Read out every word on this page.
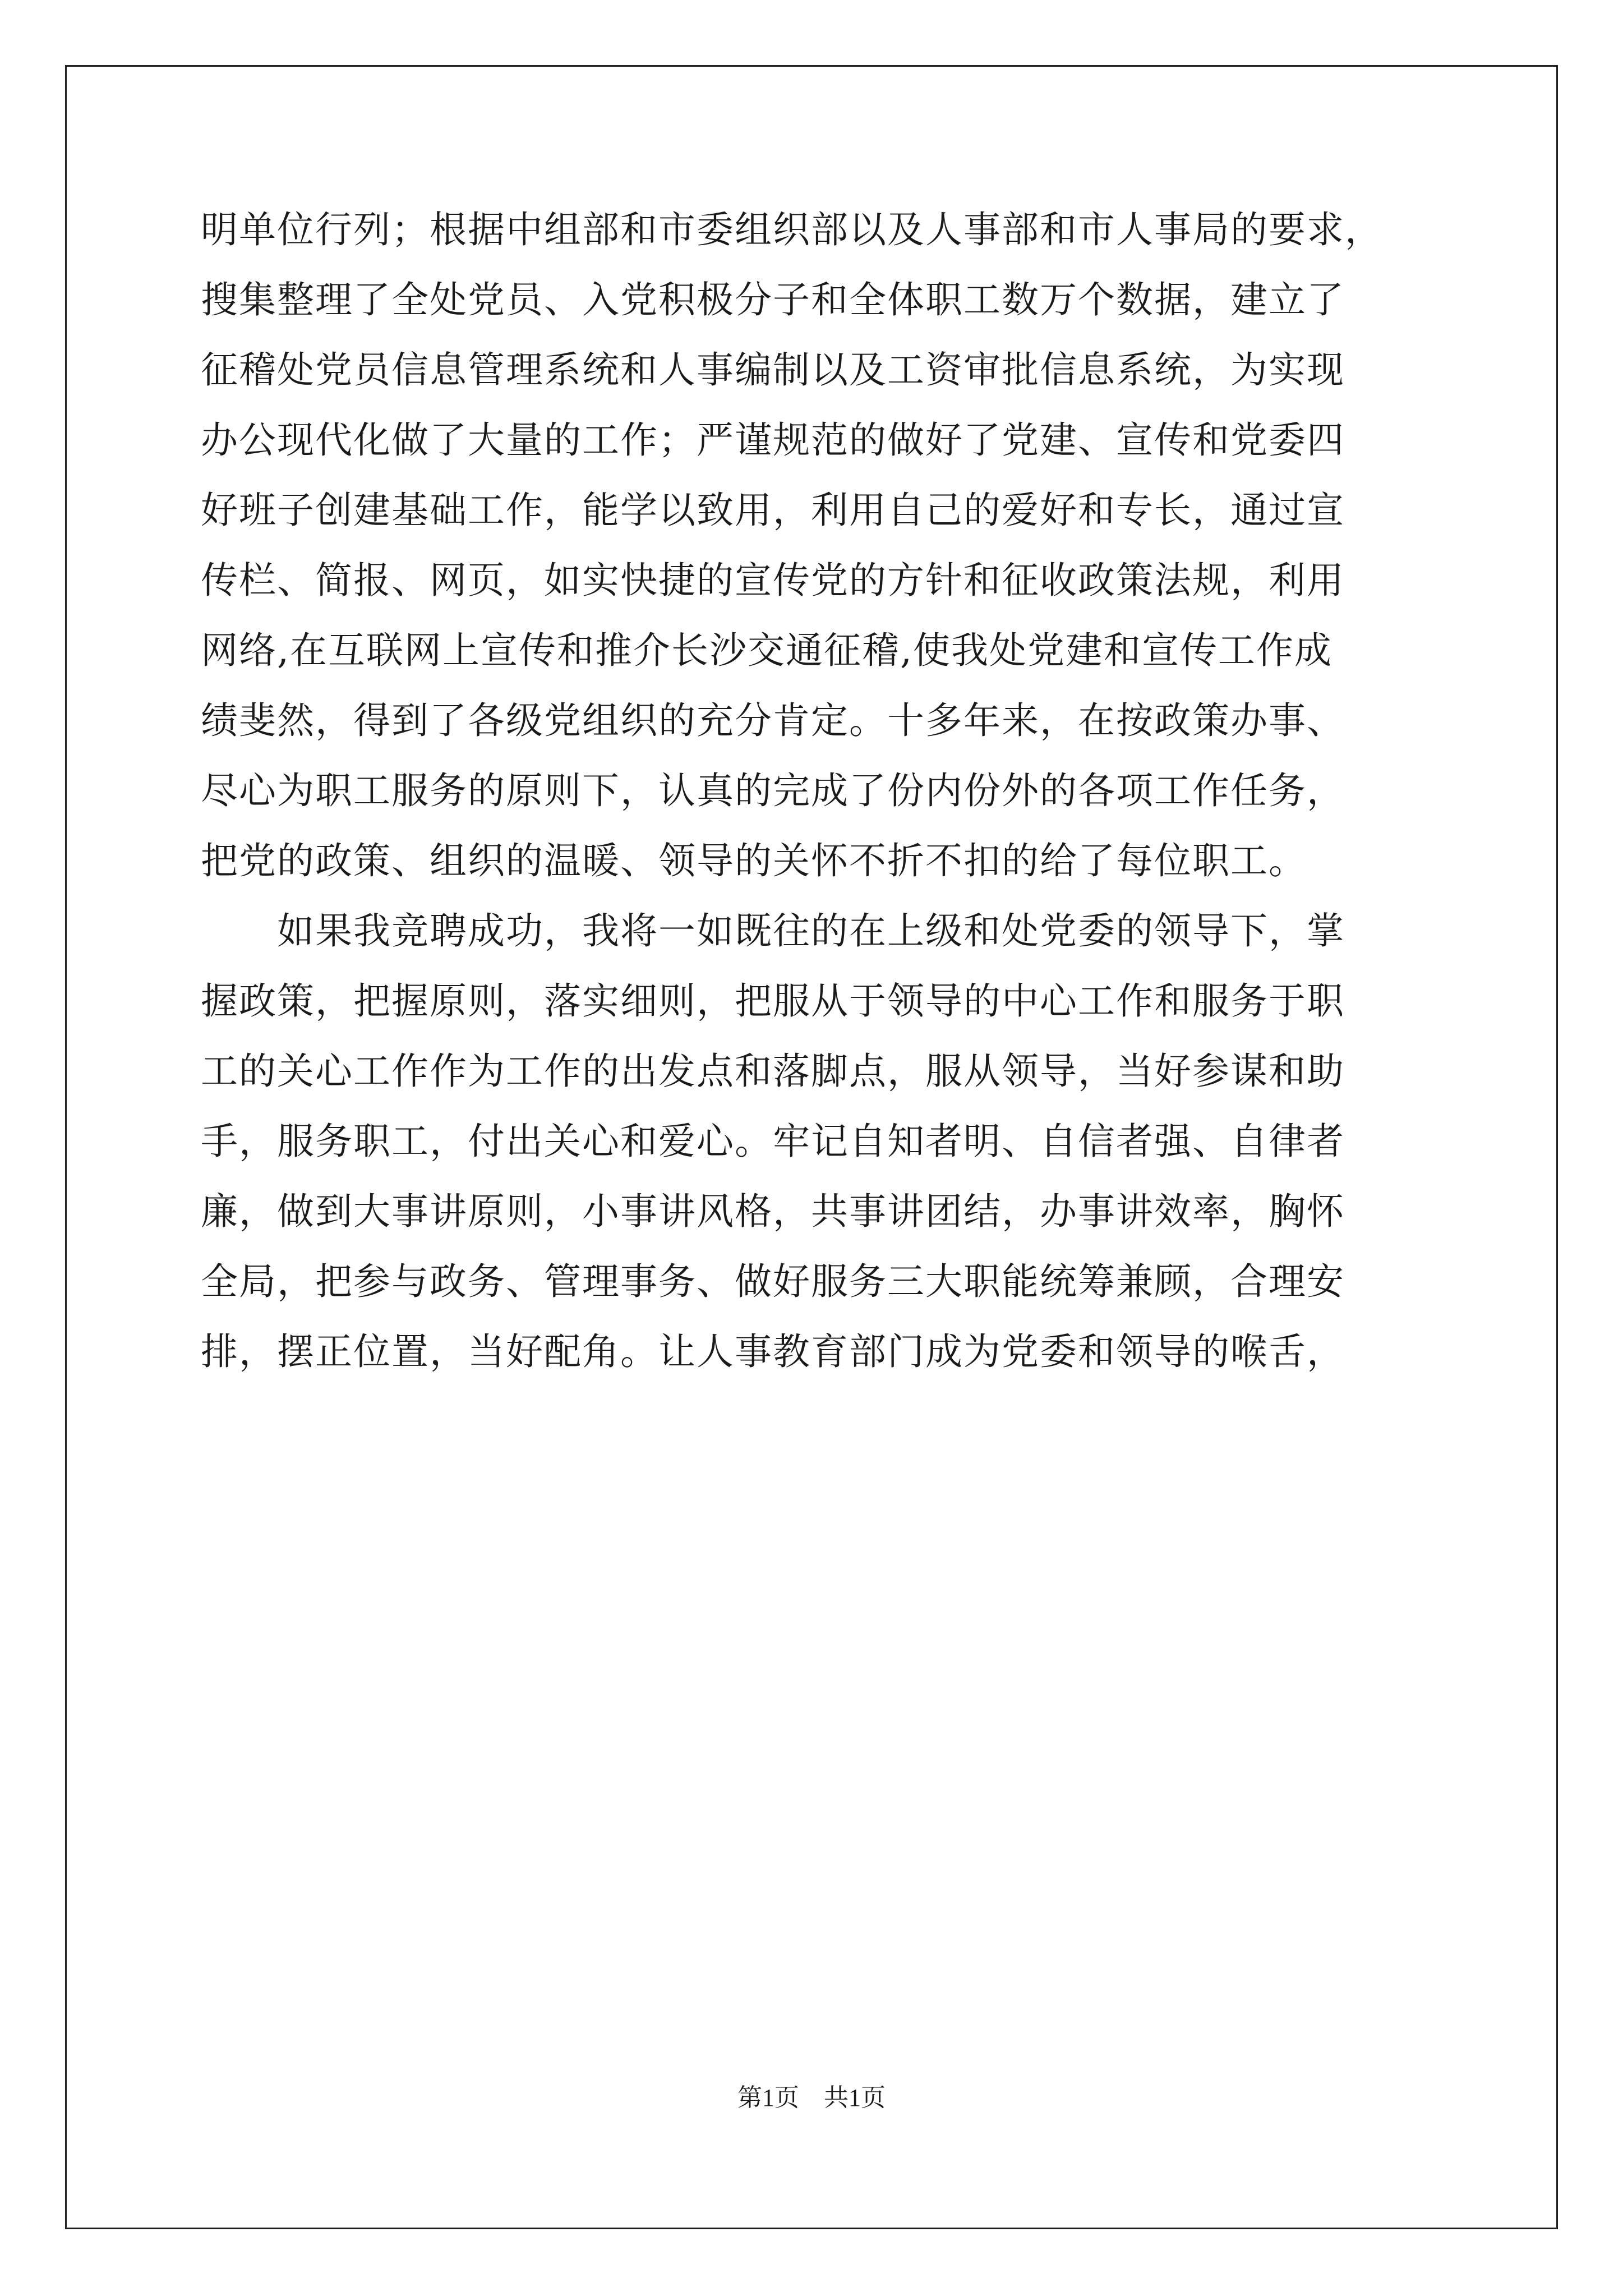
明单位行列；根据中组部和市委组织部以及人事部和市人事局的要求，
搜集整理了全处党员、入党积极分子和全体职工数万个数据，建立了
征稽处党员信息管理系统和人事编制以及工资审批信息系统，为实现
办公现代化做了大量的工作；严谨规范的做好了党建、宣传和党委四
好班子创建基础工作，能学以致用，利用自己的爱好和专长，通过宣
传栏、简报、网页，如实快捷的宣传党的方针和征收政策法规，利用
网络,在互联网上宣传和推介长沙交通征稽,使我处党建和宣传工作成
绩斐然，得到了各级党组织的充分肯定。十多年来，在按政策办事、
尽心为职工服务的原则下，认真的完成了份内份外的各项工作任务，
把党的政策、组织的温暖、领导的关怀不折不扣的给了每位职工。
　　如果我竞聘成功，我将一如既往的在上级和处党委的领导下，掌
握政策，把握原则，落实细则，把服从于领导的中心工作和服务于职
工的关心工作作为工作的出发点和落脚点，服从领导，当好参谋和助
手，服务职工，付出关心和爱心。牢记自知者明、自信者强、自律者
廉，做到大事讲原则，小事讲风格，共事讲团结，办事讲效率，胸怀
全局，把参与政务、管理事务、做好服务三大职能统筹兼顾，合理安
排，摆正位置，当好配角。让人事教育部门成为党委和领导的喉舌，
第1页　共1页
